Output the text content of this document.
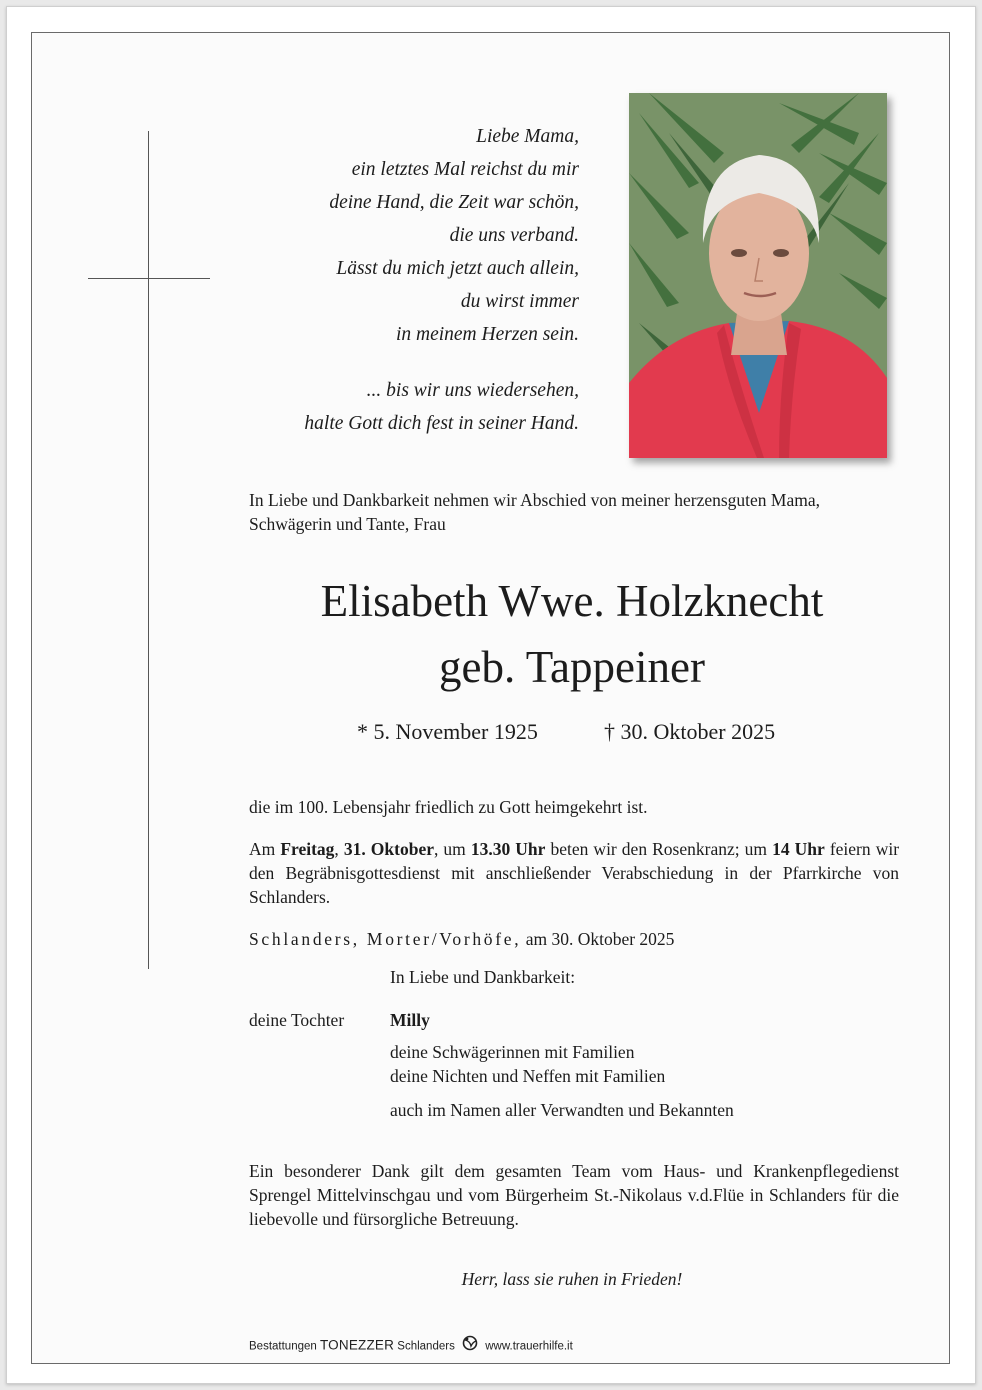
Liebe Mama,
ein letztes Mal reichst du mir
deine Hand, die Zeit war schön,
die uns verband.
Lässt du mich jetzt auch allein,
du wirst immer
in meinem Herzen sein.
... bis wir uns wiedersehen,
halte Gott dich fest in seiner Hand.
In Liebe und Dankbarkeit nehmen wir Abschied von meiner herzensguten Mama, Schwägerin und Tante, Frau
Elisabeth Wwe. Holzknecht
geb. Tappeiner
* 5. November 1925	† 30. Oktober 2025
die im 100. Lebensjahr friedlich zu Gott heimgekehrt ist.
Am Freitag, 31. Oktober, um 13.30 Uhr beten wir den Rosenkranz; um 14 Uhr feiern wir den Begräbnisgottesdienst mit anschließender Verabschiedung in der Pfarrkirche von Schlanders.
Schlanders, Morter/Vorhöfe, am 30. Oktober 2025
In Liebe und Dankbarkeit:
deine Tochter	Milly
deine Schwägerinnen mit Familien
deine Nichten und Neffen mit Familien
auch im Namen aller Verwandten und Bekannten
Ein besonderer Dank gilt dem gesamten Team vom Haus- und Krankenpflegedienst Sprengel Mittelvinschgau und vom Bürgerheim St.-Nikolaus v.d.Flüe in Schlanders für die liebevolle und fürsorgliche Betreuung.
Herr, lass sie ruhen in Frieden!
Bestattungen TONEZZER Schlanders	www.trauerhilfe.it
